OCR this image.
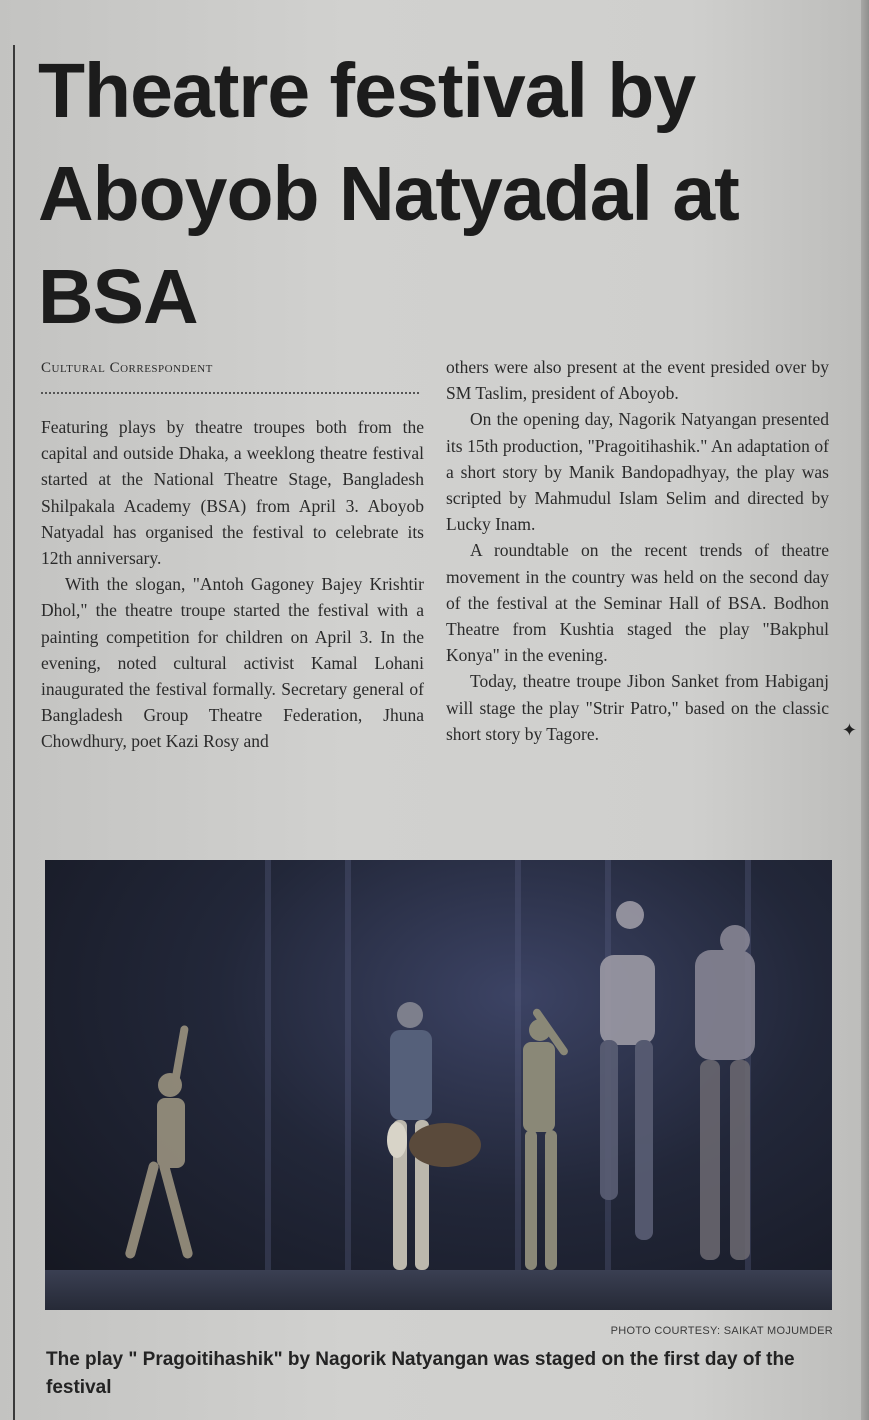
Theatre festival by Aboyob Natyadal at BSA
Cultural Correspondent

Featuring plays by theatre troupes both from the capital and outside Dhaka, a weeklong theatre festival started at the National Theatre Stage, Bangladesh Shilpakala Academy (BSA) from April 3. Aboyob Natyadal has organised the festival to celebrate its 12th anniversary.

With the slogan, "Antoh Gagoney Bajey Krishtir Dhol," the theatre troupe started the festival with a painting competition for children on April 3. In the evening, noted cultural activist Kamal Lohani inaugurated the festival formally. Secretary general of Bangladesh Group Theatre Federation, Jhuna Chowdhury, poet Kazi Rosy and

others were also present at the event presided over by SM Taslim, president of Aboyob.

On the opening day, Nagorik Natyangan presented its 15th production, "Pragoitihashik." An adaptation of a short story by Manik Bandopadhyay, the play was scripted by Mahmudul Islam Selim and directed by Lucky Inam.

A roundtable on the recent trends of theatre movement in the country was held on the second day of the festival at the Seminar Hall of BSA. Bodhon Theatre from Kushtia staged the play "Bakphul Konya" in the evening.

Today, theatre troupe Jibon Sanket from Habiganj will stage the play "Strir Patro," based on the classic short story by Tagore.	✦
PHOTO COURTESY: SAIKAT MOJUMDER
The play " Pragoitihashik" by Nagorik Natyangan was staged on the first day of the festival
